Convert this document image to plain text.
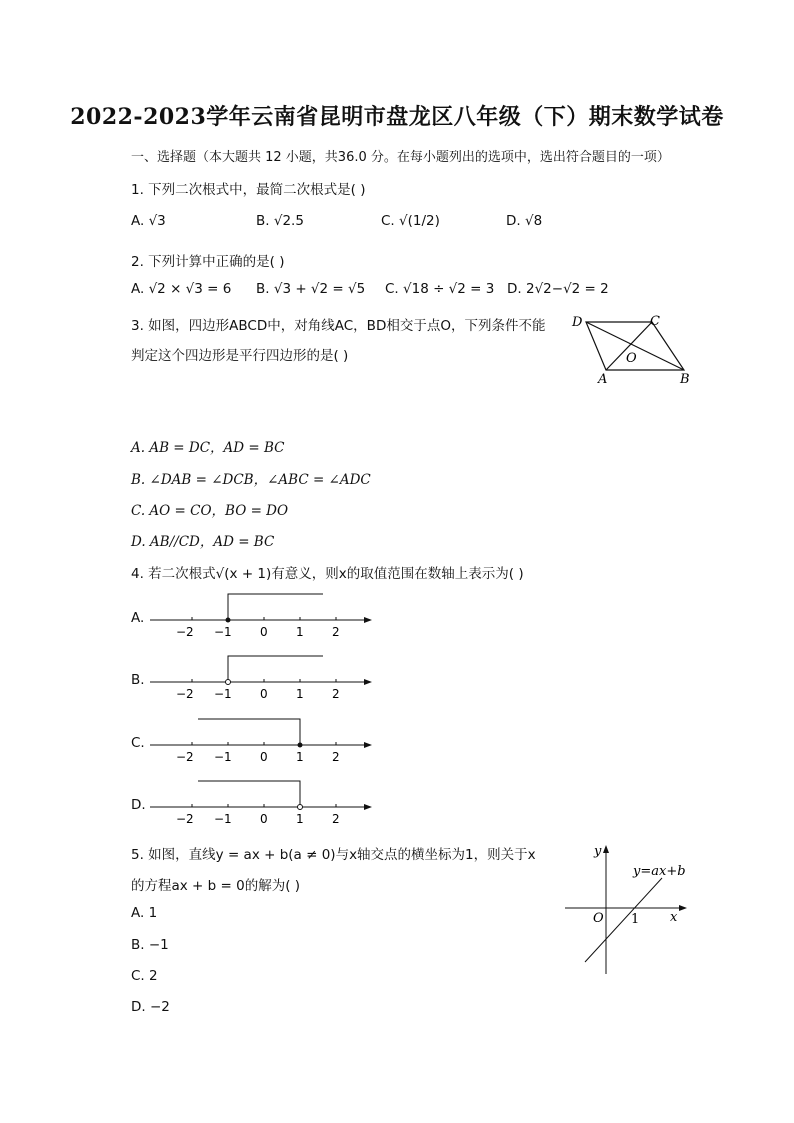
2022-2023学年云南省昆明市盘龙区八年级（下）期末数学试卷
一、选择题（本大题共 12 小题，共36.0 分。在每小题列出的选项中，选出符合题目的一项）
1. 下列二次根式中，最简二次根式是( )
A. √3	B. √2.5	C. √(1/2)	D. √8
2. 下列计算中正确的是( )
A. √2 × √3 = 6 B. √3 + √2 = √5 C. √18 ÷ √2 = 3 D. 2√2−√2 = 2
3. 如图，四边形ABCD中，对角线AC，BD相交于点O，下列条件不能
判定这个四边形是平行四边形的是( )
D	C
O
A	B
A. AB = DC，AD = BC
B. ∠DAB = ∠DCB，∠ABC = ∠ADC
C. AO = CO，BO = DO
D. AB//CD，AD = BC
4. 若二次根式√(x + 1)有意义，则x的取值范围在数轴上表示为( )
A.
B.
C.
D.
−2 −1 0 1 2
−2 −1 0 1 2
−2 −1 0 1 2
−2 −1 0 1 2
5. 如图，直线y = ax + b(a ≠ 0)与x轴交点的横坐标为1，则关于x
的方程ax + b = 0的解为( )
A. 1
B. −1
C. 2
D. −2
y
x
O 1
y=ax+b
